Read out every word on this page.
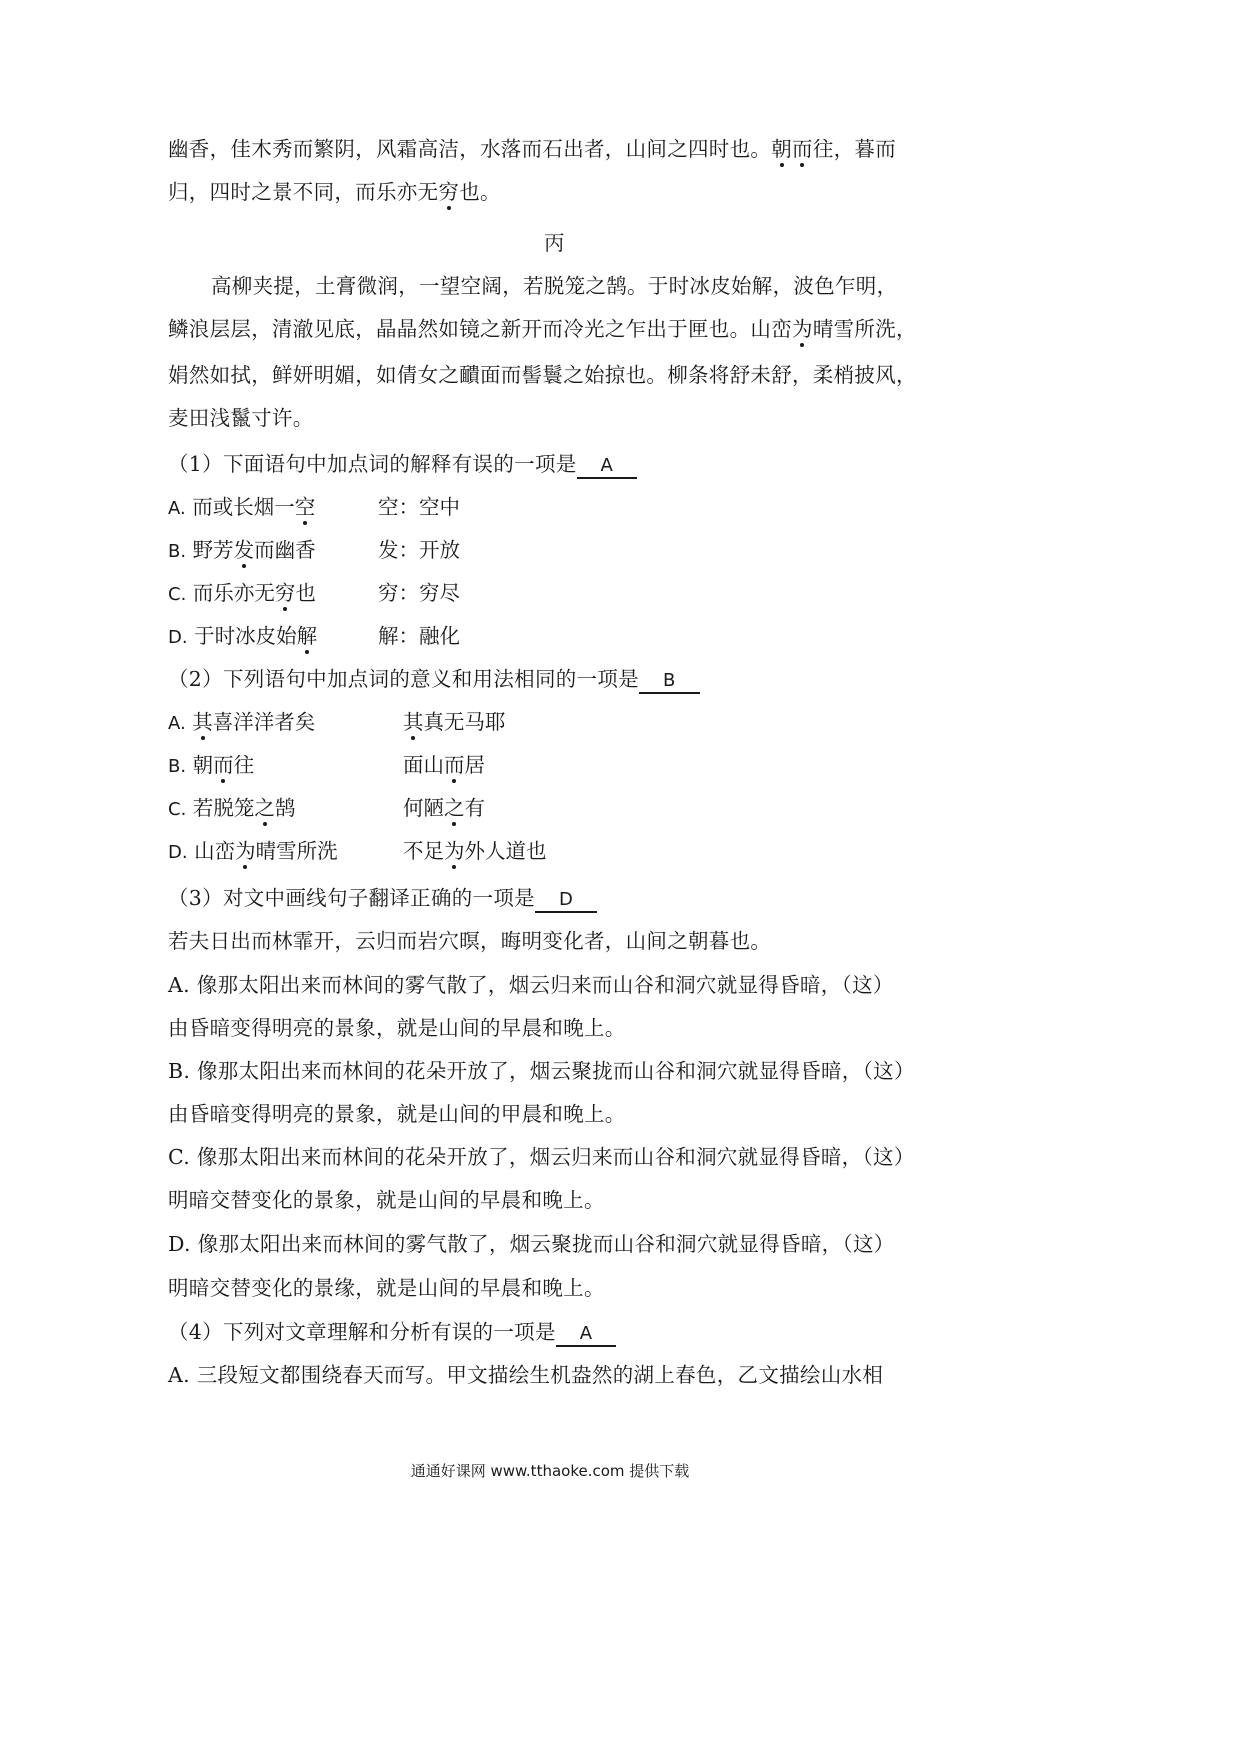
幽香，佳木秀而繁阴，风霜高洁，水落而石出者，山间之四时也。朝而往，暮而
归，四时之景不同，而乐亦无穷也。
丙
高柳夹提，土膏微润，一望空阔，若脱笼之鹄。于时冰皮始解，波色乍明，
鳞浪层层，清澈见底，晶晶然如镜之新开而冷光之乍出于匣也。山峦为晴雪所洗，
娟然如拭，鲜妍明媚，如倩女之靧面而髻鬟之始掠也。柳条将舒未舒，柔梢披风，
麦田浅鬣寸许。
（1）下面语句中加点词的解释有误的一项是 A
A. 而或长烟一空	空：空中
B. 野芳发而幽香	发：开放
C. 而乐亦无穷也	穷：穷尽
D. 于时冰皮始解	解：融化
（2）下列语句中加点词的意义和用法相同的一项是 B
A. 其喜洋洋者矣	其真无马耶
B. 朝而往	面山而居
C. 若脱笼之鹄	何陋之有
D. 山峦为晴雪所洗	不足为外人道也
（3）对文中画线句子翻译正确的一项是 D
若夫日出而林霏开，云归而岩穴暝，晦明变化者，山间之朝暮也。
A. 像那太阳出来而林间的雾气散了，烟云归来而山谷和洞穴就显得昏暗，（这）
由昏暗变得明亮的景象，就是山间的早晨和晚上。
B. 像那太阳出来而林间的花朵开放了，烟云聚拢而山谷和洞穴就显得昏暗，（这）
由昏暗变得明亮的景象，就是山间的甲晨和晚上。
C. 像那太阳出来而林间的花朵开放了，烟云归来而山谷和洞穴就显得昏暗，（这）
明暗交替变化的景象，就是山间的早晨和晚上。
D. 像那太阳出来而林间的雾气散了，烟云聚拢而山谷和洞穴就显得昏暗，（这）
明暗交替变化的景缘，就是山间的早晨和晚上。
（4）下列对文章理解和分析有误的一项是 A
A. 三段短文都围绕春天而写。甲文描绘生机盎然的湖上春色，乙文描绘山水相
通通好课网 www.tthaoke.com 提供下载
